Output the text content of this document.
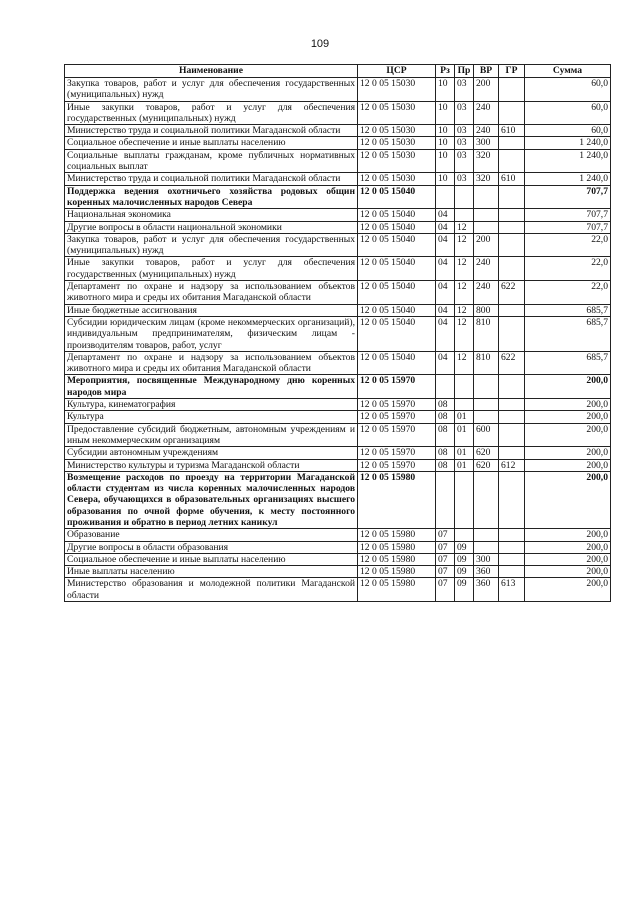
109
Наименование	ЦСР	Рз	Пр	ВР	ГР	Сумма
Закупка товаров, работ и услуг для обеспечения государственных (муниципальных) нужд	12 0 05 15030	10	03	200		60,0
Иные закупки товаров, работ и услуг для обеспечения государственных (муниципальных) нужд	12 0 05 15030	10	03	240		60,0
Министерство труда и социальной политики Магаданской области	12 0 05 15030	10	03	240	610	60,0
Социальное обеспечение и иные выплаты населению	12 0 05 15030	10	03	300		1 240,0
Социальные выплаты гражданам, кроме публичных нормативных социальных выплат	12 0 05 15030	10	03	320		1 240,0
Министерство труда и социальной политики Магаданской области	12 0 05 15030	10	03	320	610	1 240,0
Поддержка ведения охотничьего хозяйства родовых общин коренных малочисленных народов Севера	12 0 05 15040					707,7
Национальная экономика	12 0 05 15040	04				707,7
Другие вопросы в области национальной экономики	12 0 05 15040	04	12			707,7
Закупка товаров, работ и услуг для обеспечения государственных (муниципальных) нужд	12 0 05 15040	04	12	200		22,0
Иные закупки товаров, работ и услуг для обеспечения государственных (муниципальных) нужд	12 0 05 15040	04	12	240		22,0
Департамент по охране и надзору за использованием объектов животного мира и среды их обитания Магаданской области	12 0 05 15040	04	12	240	622	22,0
Иные бюджетные ассигнования	12 0 05 15040	04	12	800		685,7
Субсидии юридическим лицам (кроме некоммерческих организаций), индивидуальным предпринимателям, физическим лицам - производителям товаров, работ, услуг	12 0 05 15040	04	12	810		685,7
Департамент по охране и надзору за использованием объектов животного мира и среды их обитания Магаданской области	12 0 05 15040	04	12	810	622	685,7
Мероприятия, посвященные Международному дню коренных народов мира	12 0 05 15970					200,0
Культура, кинематография	12 0 05 15970	08				200,0
Культура	12 0 05 15970	08	01			200,0
Предоставление субсидий бюджетным, автономным учреждениям и иным некоммерческим организациям	12 0 05 15970	08	01	600		200,0
Субсидии автономным учреждениям	12 0 05 15970	08	01	620		200,0
Министерство культуры и туризма Магаданской области	12 0 05 15970	08	01	620	612	200,0
Возмещение расходов по проезду на территории Магаданской области студентам из числа коренных малочисленных народов Севера, обучающихся в образовательных организациях высшего образования по очной форме обучения, к месту постоянного проживания и обратно в период летних каникул	12 0 05 15980					200,0
Образование	12 0 05 15980	07				200,0
Другие вопросы в области образования	12 0 05 15980	07	09			200,0
Социальное обеспечение и иные выплаты населению	12 0 05 15980	07	09	300		200,0
Иные выплаты населению	12 0 05 15980	07	09	360		200,0
Министерство образования и молодежной политики Магаданской области	12 0 05 15980	07	09	360	613	200,0
